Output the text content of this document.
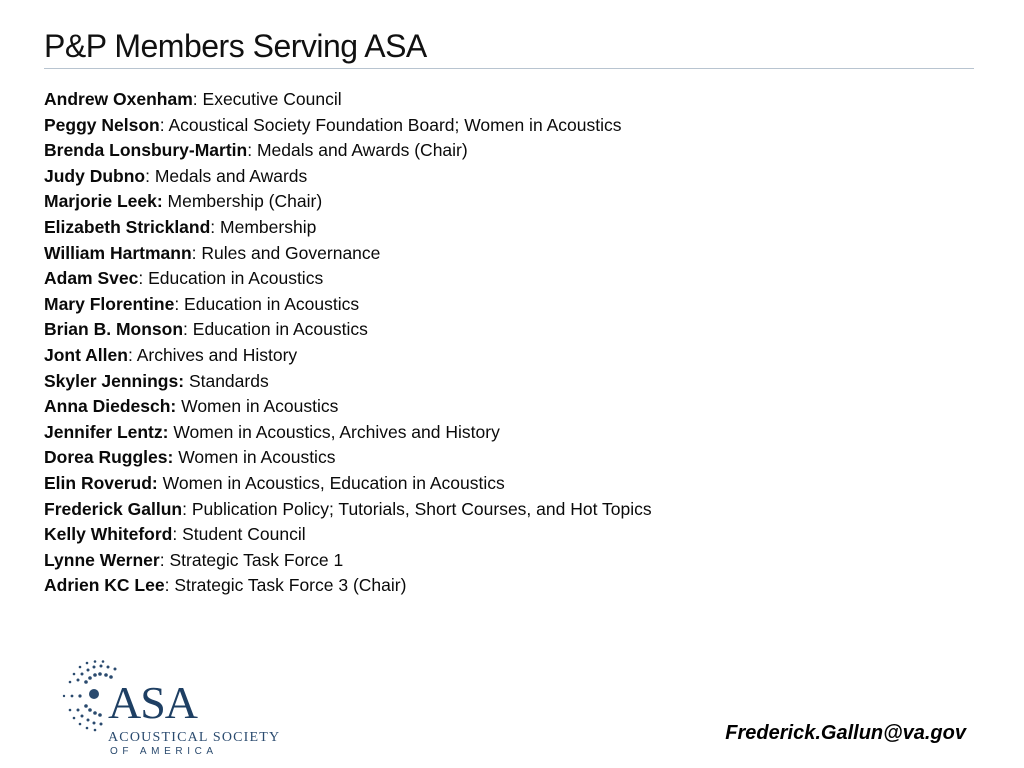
P&P Members Serving ASA
Andrew Oxenham: Executive Council
Peggy Nelson: Acoustical Society Foundation Board; Women in Acoustics
Brenda Lonsbury-Martin: Medals and Awards (Chair)
Judy Dubno: Medals and Awards
Marjorie Leek: Membership (Chair)
Elizabeth Strickland: Membership
William Hartmann: Rules and Governance
Adam Svec: Education in Acoustics
Mary Florentine: Education in Acoustics
Brian B. Monson: Education in Acoustics
Jont Allen: Archives and History
Skyler Jennings: Standards
Anna Diedesch: Women in Acoustics
Jennifer Lentz: Women in Acoustics, Archives and History
Dorea Ruggles: Women in Acoustics
Elin Roverud: Women in Acoustics, Education in Acoustics
Frederick Gallun: Publication Policy; Tutorials, Short Courses, and Hot Topics
Kelly Whiteford: Student Council
Lynne Werner: Strategic Task Force 1
Adrien KC Lee: Strategic Task Force 3 (Chair)
ASA
ACOUSTICAL SOCIETY
OF AMERICA
Frederick.Gallun@va.gov
